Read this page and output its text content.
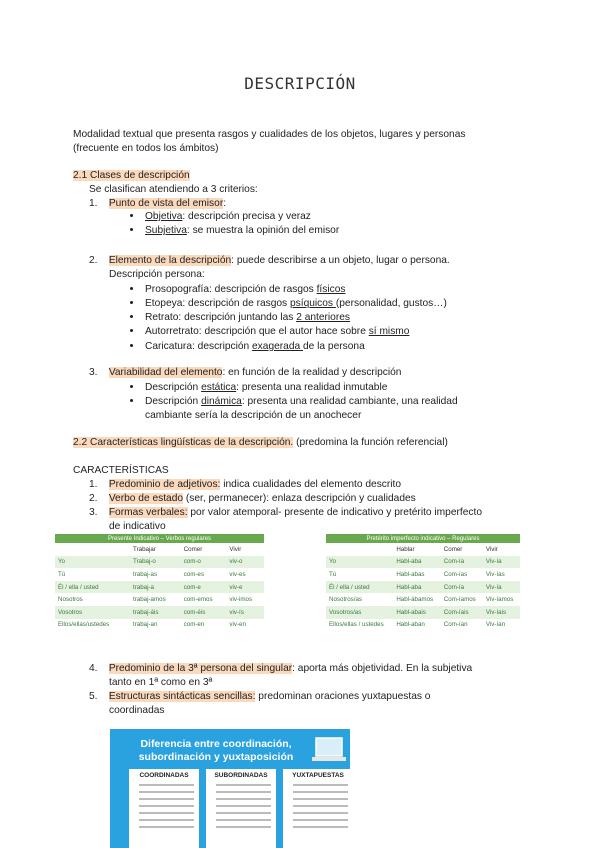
DESCRIPCIÓN
Modalidad textual que presenta rasgos y cualidades de los objetos, lugares y personas
(frecuente en todos los ámbitos)
2.1 Clases de descripción
Se clasifican atendiendo a 3 criterios:
1. Punto de vista del emisor:
Objetiva: descripción precisa y veraz
Subjetiva: se muestra la opinión del emisor
2. Elemento de la descripción: puede describirse a un objeto, lugar o persona.
Descripción persona:
Prosopografía: descripción de rasgos físicos
Etopeya: descripción de rasgos psíquicos (personalidad, gustos…)
Retrato: descripción juntando las 2 anteriores
Autorretrato: descripción que el autor hace sobre sí mismo
Caricatura: descripción exagerada de la persona
3. Variabilidad del elemento: en función de la realidad y descripción
Descripción estática: presenta una realidad inmutable
Descripción dinámica: presenta una realidad cambiante, una realidad
cambiante sería la descripción de un anochecer
2.2 Características lingüísticas de la descripción. (predomina la función referencial)
CARACTERÍSTICAS
1. Predominio de adjetivos: indica cualidades del elemento descrito
2. Verbo de estado (ser, permanecer): enlaza descripción y cualidades
3. Formas verbales: por valor atemporal- presente de indicativo y pretérito imperfecto
de indicativo
Presente Indicativo – Verbos regulares			
	Trabajar	Comer	Vivir
Yo	Trabaj-o	com-o	viv-o
Tú	trabaj-as	com-es	viv-es
Él / ella / usted	trabaj-a	com-e	viv-e
Nosotros	trabaj-amos	com-emos	viv-imos
Vosotros	trabaj-áis	com-éis	viv-ís
Ellos/ellas/ustedes	trabaj-an	com-en	viv-en
Pretérito imperfecto indicativo – Regulares			
	Hablar	Comer	Vivir
Yo	Habl-aba	Com-ía	Viv-ía
Tú	Habl-abas	Com-ías	Viv-ías
Él / ella / usted	Habl-aba	Com-ía	Viv-ía
Nosotros/as	Habl-ábamos	Com-íamos	Viv-íamos
Vosotros/as	Habl-abais	Com-íais	Viv-íais
Ellos/ellas / ustedes	Habl-aban	Com-ían	Viv-ían
4. Predominio de la 3ª persona del singular: aporta más objetividad. En la subjetiva
tanto en 1ª como en 3ª
5. Estructuras sintácticas sencillas: predominan oraciones yuxtapuestas o
coordinadas
Diferencia entre coordinación,
subordinación y yuxtaposición
COORDINADAS	SUBORDINADAS	YUXTAPUESTAS
